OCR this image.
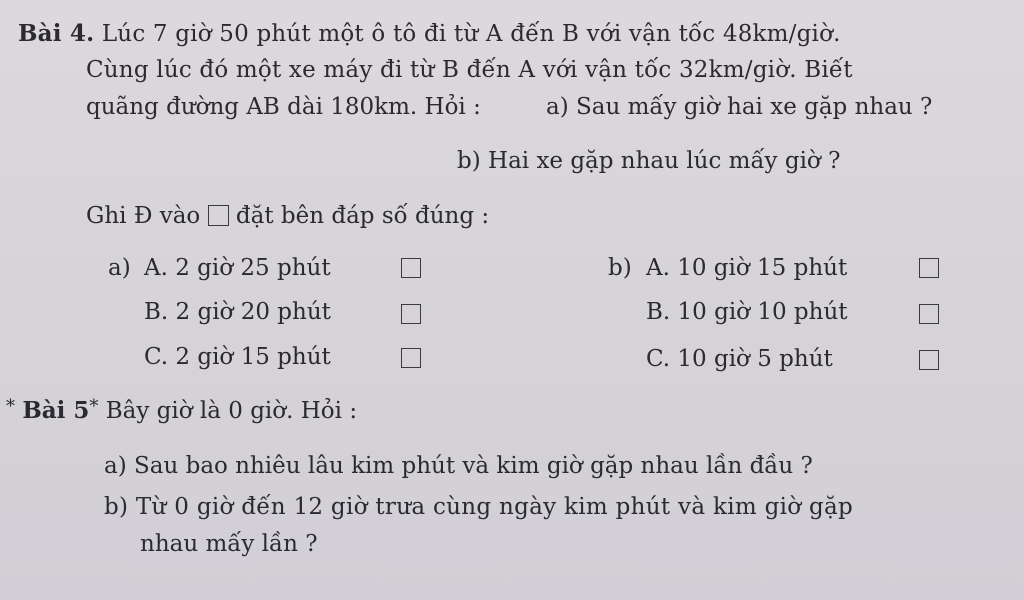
Bài 4. Lúc 7 giờ 50 phút một ô tô đi từ A đến B với vận tốc 48km/giờ.
Cùng lúc đó một xe máy đi từ B đến A với vận tốc 32km/giờ. Biết
quãng đường AB dài 180km. Hỏi :	a) Sau mấy giờ hai xe gặp nhau ?
b) Hai xe gặp nhau lúc mấy giờ ?
Ghi Đ vào đặt bên đáp số đúng :
a) A. 2 giờ 25 phút
B. 2 giờ 20 phút
C. 2 giờ 15 phút
b) A. 10 giờ 15 phút
B. 10 giờ 10 phút
C. 10 giờ 5 phút
* Bài 5* Bây giờ là 0 giờ. Hỏi :
a) Sau bao nhiêu lâu kim phút và kim giờ gặp nhau lần đầu ?
b) Từ 0 giờ đến 12 giờ trưa cùng ngày kim phút và kim giờ gặp
nhau mấy lần ?
